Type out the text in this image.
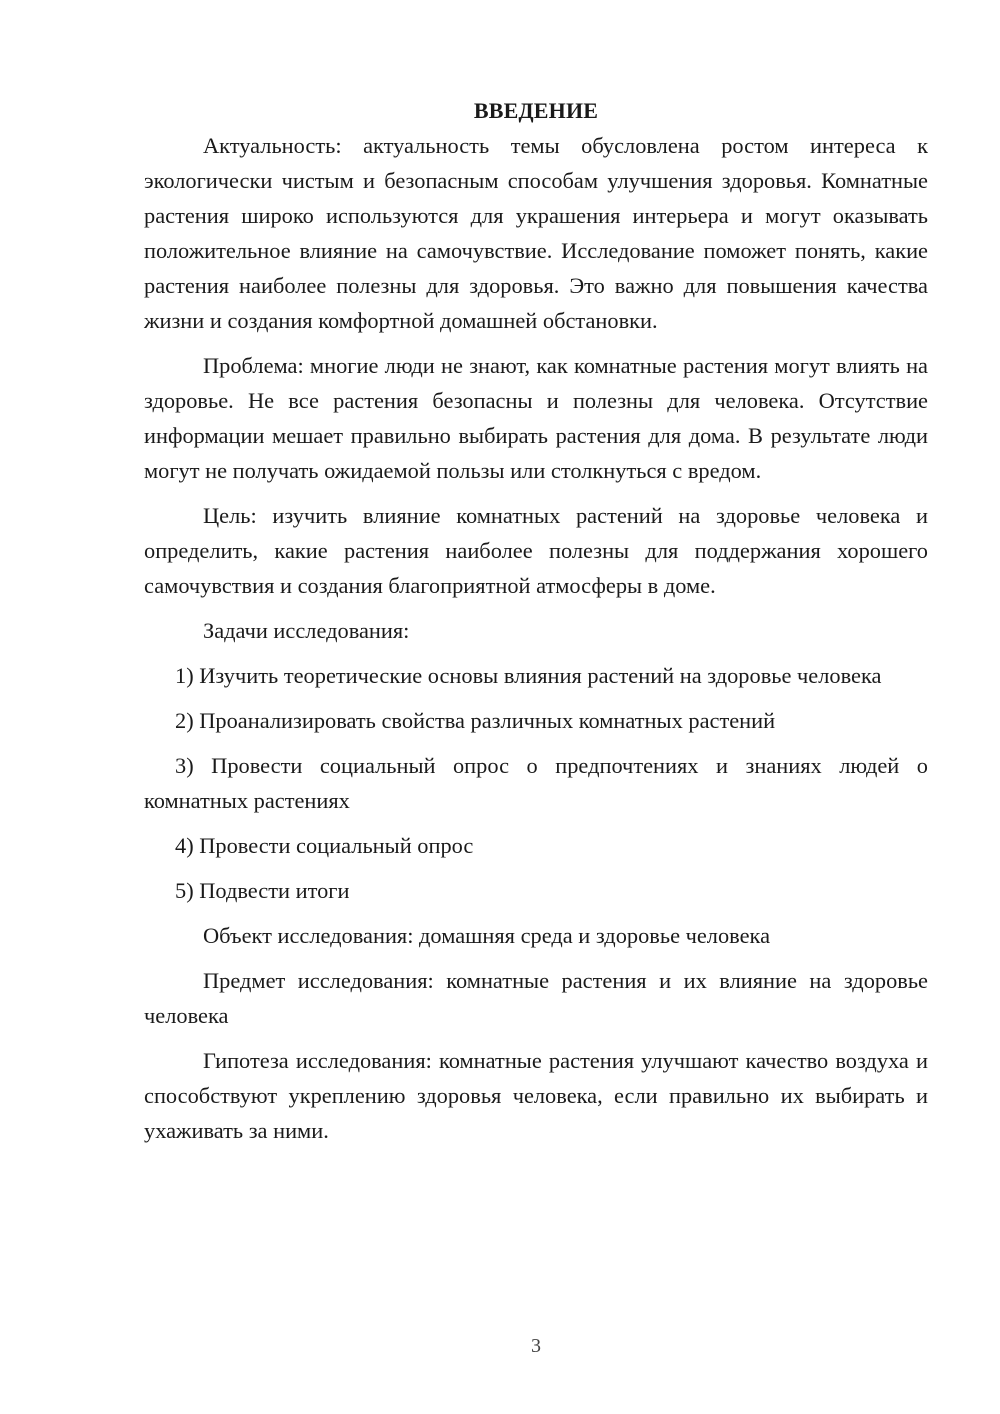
ВВЕДЕНИЕ

Актуальность: актуальность темы обусловлена ростом интереса к экологически чистым и безопасным способам улучшения здоровья. Комнатные растения широко используются для украшения интерьера и могут оказывать положительное влияние на самочувствие. Исследование поможет понять, какие растения наиболее полезны для здоровья. Это важно для повышения качества жизни и создания комфортной домашней обстановки.

Проблема: многие люди не знают, как комнатные растения могут влиять на здоровье. Не все растения безопасны и полезны для человека. Отсутствие информации мешает правильно выбирать растения для дома. В результате люди могут не получать ожидаемой пользы или столкнуться с вредом.

Цель: изучить влияние комнатных растений на здоровье человека и определить, какие растения наиболее полезны для поддержания хорошего самочувствия и создания благоприятной атмосферы в доме.

Задачи исследования:

1) Изучить теоретические основы влияния растений на здоровье человека

2) Проанализировать свойства различных комнатных растений

3) Провести социальный опрос о предпочтениях и знаниях людей о комнатных растениях

4) Провести социальный опрос

5) Подвести итоги

Объект исследования: домашняя среда и здоровье человека

Предмет исследования: комнатные растения и их влияние на здоровье человека

Гипотеза исследования: комнатные растения улучшают качество воздуха и способствуют укреплению здоровья человека, если правильно их выбирать и ухаживать за ними.

3
